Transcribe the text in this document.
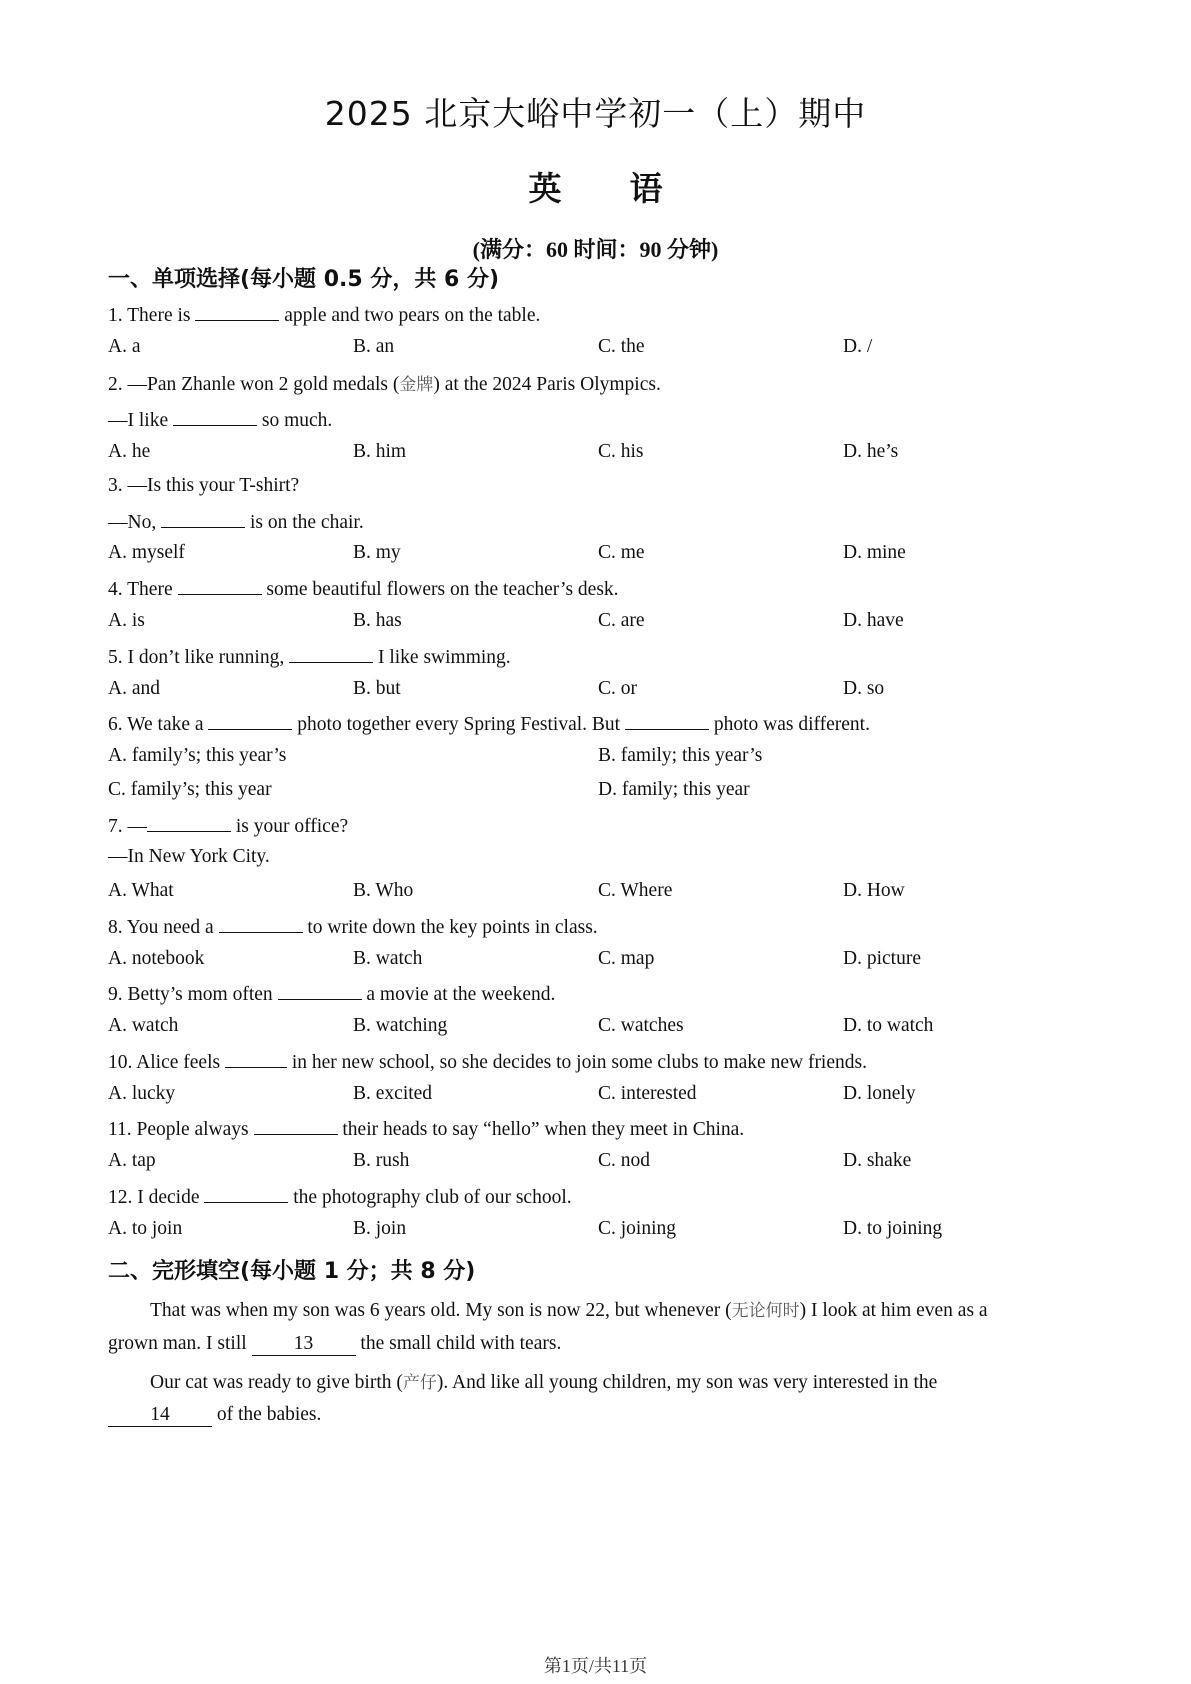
2025 北京大峪中学初一（上）期中
英 语
(满分：60 时间：90 分钟)
一、单项选择(每小题 0.5 分，共 6 分)
1. There is	apple and two pears on the table.
A. a	B. an	C. the	D. /
2. —Pan Zhanle won 2 gold medals (金牌) at the 2024 Paris Olympics.
—I like	so much.
A. he	B. him	C. his	D. he’s
3. —Is this your T-shirt?
—No,	is on the chair.
A. myself	B. my	C. me	D. mine
4. There	some beautiful flowers on the teacher’s desk.
A. is	B. has	C. are	D. have
5. I don’t like running,	I like swimming.
A. and	B. but	C. or	D. so
6. We take a	photo together every Spring Festival. But	photo was different.
A. family’s; this year’s	B. family; this year’s
C. family’s; this year	D. family; this year
7. —	is your office?
—In New York City.
A. What	B. Who	C. Where	D. How
8. You need a	to write down the key points in class.
A. notebook	B. watch	C. map	D. picture
9. Betty’s mom often	a movie at the weekend.
A. watch	B. watching	C. watches	D. to watch
10. Alice feels	in her new school, so she decides to join some clubs to make new friends.
A. lucky	B. excited	C. interested	D. lonely
11. People always	their heads to say “hello” when they meet in China.
A. tap	B. rush	C. nod	D. shake
12. I decide	the photography club of our school.
A. to join	B. join	C. joining	D. to joining
二、完形填空(每小题 1 分；共 8 分)
That was when my son was 6 years old. My son is now 22, but whenever (无论何时) I look at him even as a
grown man. I still 13 the small child with tears.
Our cat was ready to give birth (产仔). And like all young children, my son was very interested in the
14 of the babies.
第1页/共11页
